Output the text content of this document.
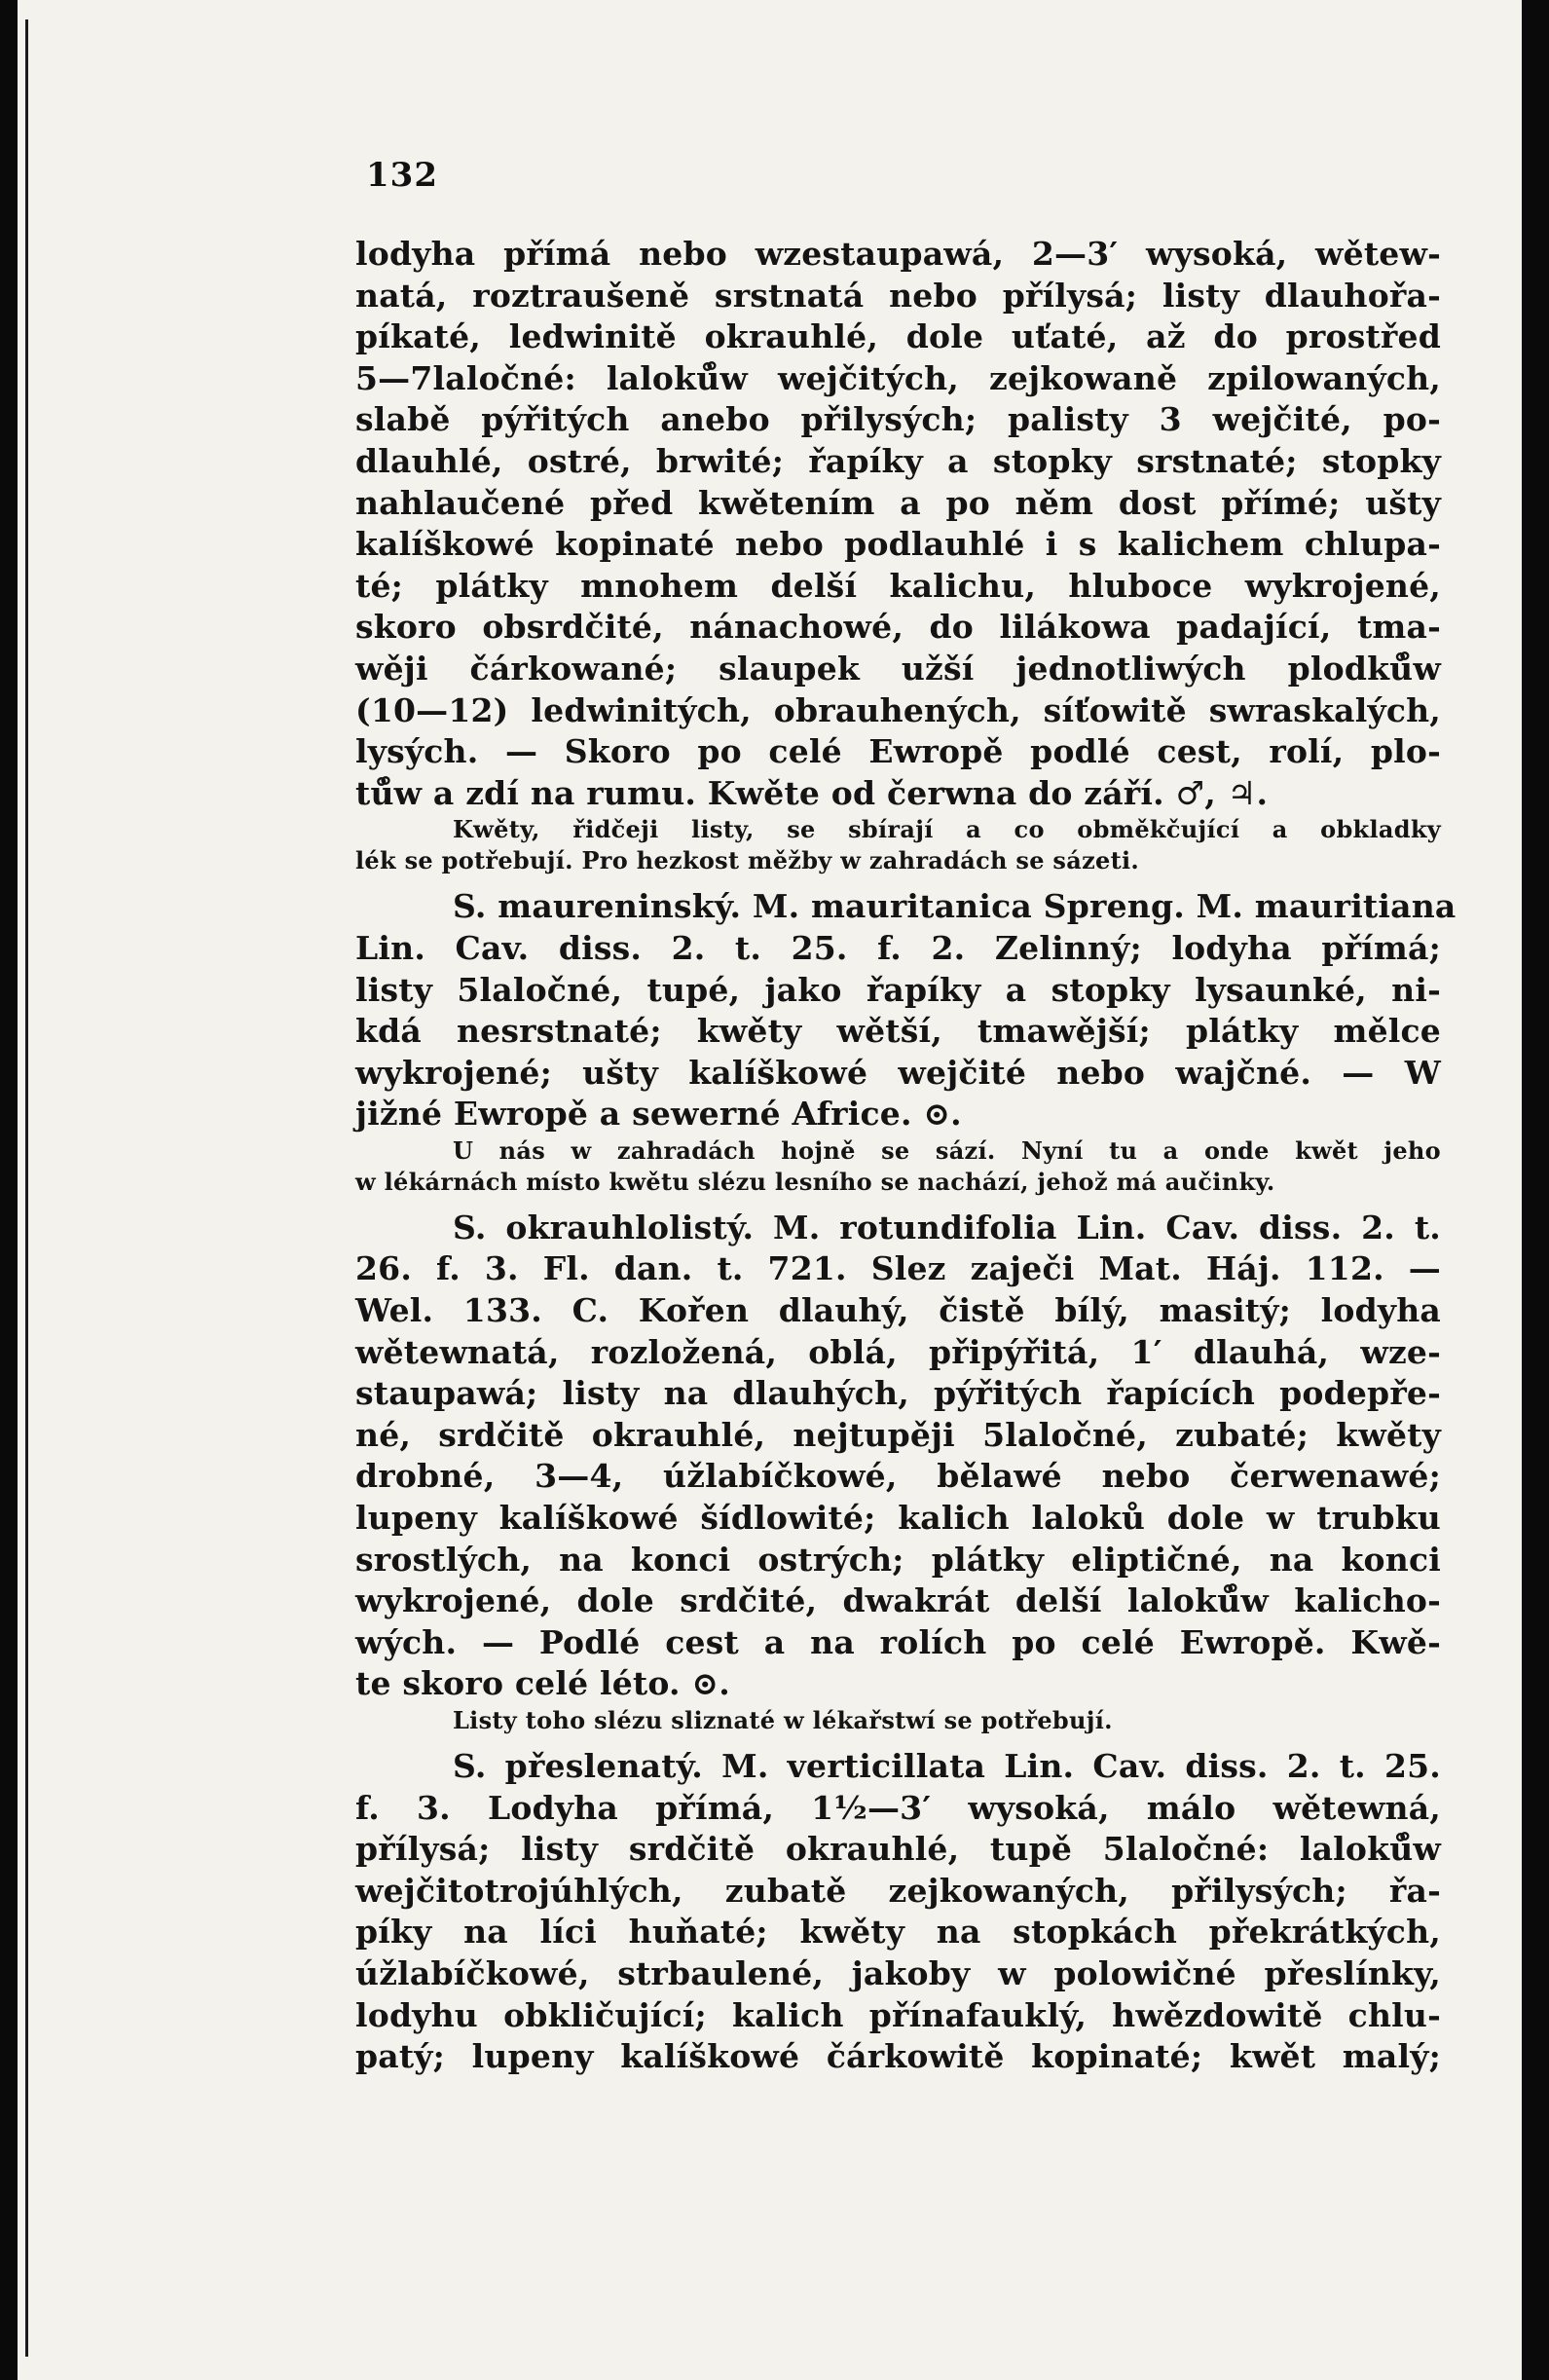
132
lodyha přímá nebo wzestaupawá, 2—3′ wysoká, wětew-
natá, roztraušeně srstnatá nebo přílysá; listy dlauhořa-
píkaté, ledwinitě okrauhlé, dole uťaté, až do prostřed
5—7laločné: laloků̊w wejčitých, zejkowaně zpilowaných,
slabě pýřitých anebo přilysých; palisty 3 wejčité, po-
dlauhlé, ostré, brwité; řapíky a stopky srstnaté; stopky
nahlaučené před kwětením a po něm dost přímé; ušty
kalíškowé kopinaté nebo podlauhlé i s kalichem chlupa-
té; plátky mnohem delší kalichu, hluboce wykrojené,
skoro obsrdčité, nánachowé, do lilákowa padající, tma-
wěji čárkowané; slaupek užší jednotliwých plodků̊w
(10—12) ledwinitých, obrauhených, síťowitě swraskalých,
lysých. — Skoro po celé Ewropě podlé cest, rolí, plo-
tů̊w a zdí na rumu. Kwěte od čerwna do září. ♂, ♃.
Kwěty, řidčeji listy, se sbírají a co obměkčující a obkladky
lék se potřebují. Pro hezkost měžby w zahradách se sázeti.
S. maureninský. M. mauritanica Spreng. M. mauritiana
Lin. Cav. diss. 2. t. 25. f. 2. Zelinný; lodyha přímá;
listy 5laločné, tupé, jako řapíky a stopky lysaunké, ni-
kdá nesrstnaté; kwěty wětší, tmawější; plátky mělce
wykrojené; ušty kalíškowé wejčité nebo wajčné. — W
jižné Ewropě a sewerné Africe. ⊙.
U nás w zahradách hojně se sází. Nyní tu a onde kwět jeho
w lékárnách místo kwětu slézu lesního se nachází, jehož má aučinky.
S. okrauhlolistý. M. rotundifolia Lin. Cav. diss. 2. t.
26. f. 3. Fl. dan. t. 721. Slez zaječi Mat. Háj. 112. —
Wel. 133. C. Kořen dlauhý, čistě bílý, masitý; lodyha
wětewnatá, rozložená, oblá, připýřitá, 1′ dlauhá, wze-
staupawá; listy na dlauhých, pýřitých řapících podepře-
né, srdčitě okrauhlé, nejtupěji 5laločné, zubaté; kwěty
drobné, 3—4, úžlabíčkowé, bělawé nebo čerwenawé;
lupeny kalíškowé šídlowité; kalich laloků dole w trubku
srostlých, na konci ostrých; plátky eliptičné, na konci
wykrojené, dole srdčité, dwakrát delší laloků̊w kalicho-
wých. — Podlé cest a na rolích po celé Ewropě. Kwě-
te skoro celé léto. ⊙.
Listy toho slézu sliznaté w lékařstwí se potřebují.
S. přeslenatý. M. verticillata Lin. Cav. diss. 2. t. 25.
f. 3. Lodyha přímá, 1½—3′ wysoká, málo wětewná,
přílysá; listy srdčitě okrauhlé, tupě 5laločné: laloků̊w
wejčitotrojúhlých, zubatě zejkowaných, přilysých; řa-
píky na líci huňaté; kwěty na stopkách překrátkých,
úžlabíčkowé, strbaulené, jakoby w polowičné přeslínky,
lodyhu obkličující; kalich přínafauklý, hwězdowitě chlu-
patý; lupeny kalíškowé čárkowitě kopinaté; kwět malý;
